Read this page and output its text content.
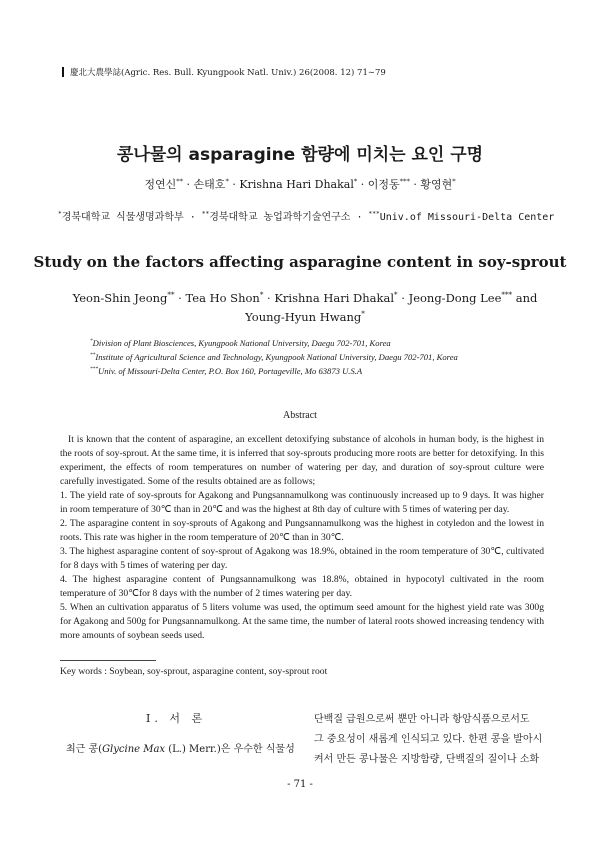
慶北大農學誌(Agric. Res. Bull. Kyungpook Natl. Univ.) 26(2008. 12) 71∼79
콩나물의 asparagine 함량에 미치는 요인 구명
정연신** · 손태호* · Krishna Hari Dhakal* · 이정동*** · 황영현*
*경북대학교 식물생명과학부 · **경북대학교 농업과학기술연구소 · ***Univ.of Missouri-Delta Center
Study on the factors affecting asparagine content in soy-sprout
Yeon-Shin Jeong** · Tea Ho Shon* · Krishna Hari Dhakal* · Jeong-Dong Lee*** and Young-Hyun Hwang*
*Division of Plant Biosciences, Kyungpook National University, Daegu 702-701, Korea
**Institute of Agricultural Science and Technology, Kyungpook National University, Daegu 702-701, Korea
***Univ. of Missouri-Delta Center, P.O. Box 160, Portageville, Mo 63873 U.S.A
Abstract

It is known that the content of asparagine, an excellent detoxifying substance of alcohols in human body, is the highest in the roots of soy-sprout. At the same time, it is inferred that soy-sprouts producing more roots are better for detoxifying. In this experiment, the effects of room temperatures on number of watering per day, and duration of soy-sprout culture were carefully investigated. Some of the results obtained are as follows;

1. The yield rate of soy-sprouts for Agakong and Pungsannamulkong was continuously increased up to 9 days. It was higher in room temperature of 30℃ than in 20℃ and was the highest at 8th day of culture with 5 times of watering per day.

2. The asparagine content in soy-sprouts of Agakong and Pungsannamulkong was the highest in cotyledon and the lowest in roots. This rate was higher in the room temperature of 20℃ than in 30℃.

3. The highest asparagine content of soy-sprout of Agakong was 18.9%, obtained in the room temperature of 30℃, cultivated for 8 days with 5 times of watering per day.

4. The highest asparagine content of Pungsannamulkong was 18.8%, obtained in hypocotyl cultivated in the room temperature of 30℃for 8 days with the number of 2 times watering per day.

5. When an cultivation apparatus of 5 liters volume was used, the optimum seed amount for the highest yield rate was 300g for Agakong and 500g for Pungsannamulkong. At the same time, the number of lateral roots showed increasing tendency with more amounts of soybean seeds used.

Key words : Soybean, soy-sprout, asparagine content, soy-sprout root
Ⅰ. 서 론
최근 콩(Glycine Max (L.) Merr.)은 우수한 식물성

단백질 급원으로써 뿐만 아니라 항암식품으로서도

그 중요성이 새롭게 인식되고 있다. 한편 콩을 발아시

켜서 만든 콩나물은 지방함량, 단백질의 질이나 소화

- 71 -
